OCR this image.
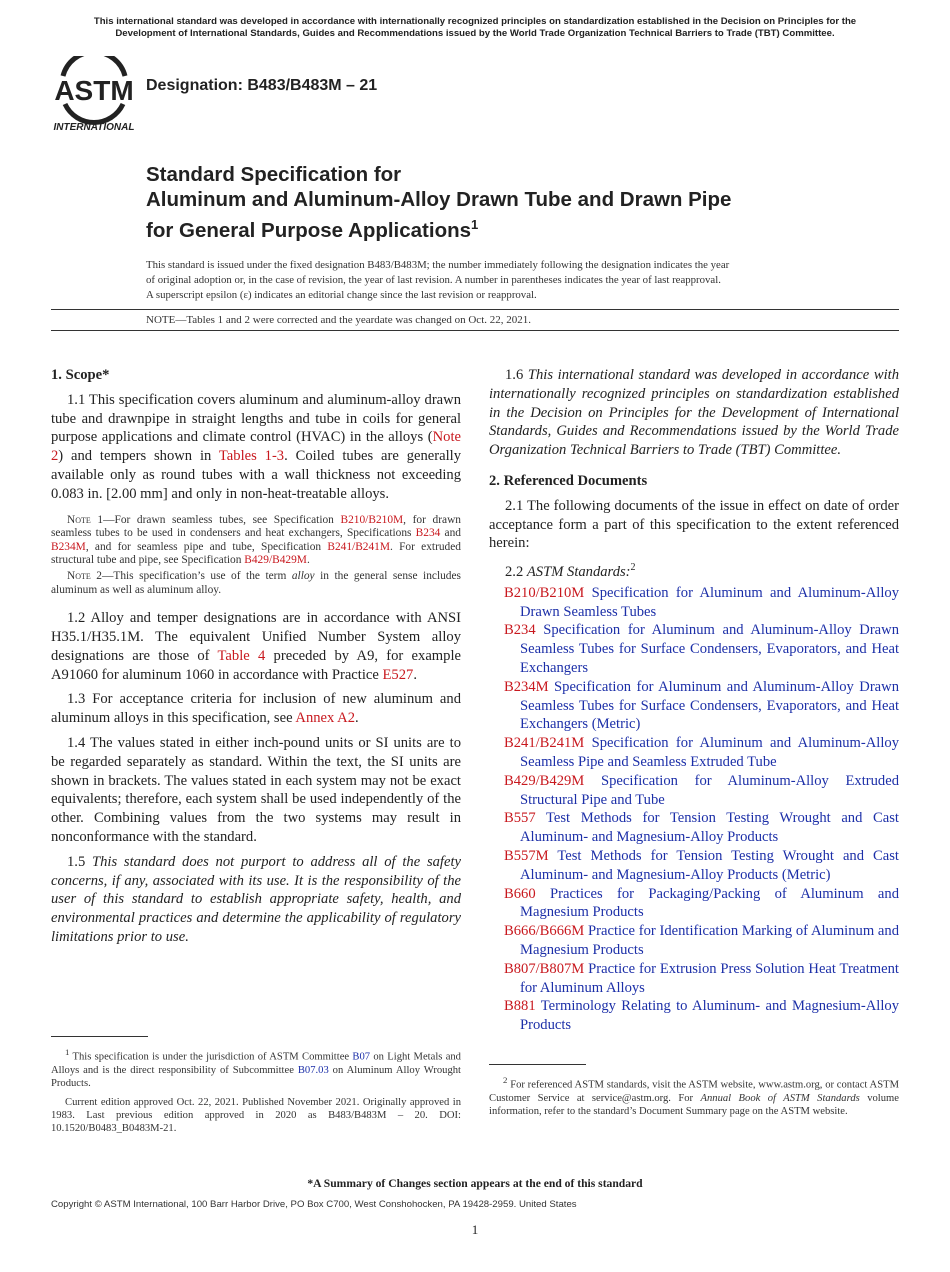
This international standard was developed in accordance with internationally recognized principles on standardization established in the Decision on Principles for the
Development of International Standards, Guides and Recommendations issued by the World Trade Organization Technical Barriers to Trade (TBT) Committee.
ASTM
INTERNATIONAL
Designation: B483/B483M – 21
Standard Specification for
Aluminum and Aluminum-Alloy Drawn Tube and Drawn Pipe
for General Purpose Applications$^1$
This standard is issued under the fixed designation B483/B483M; the number immediately following the designation indicates the year
of original adoption or, in the case of revision, the year of last revision. A number in parentheses indicates the year of last reapproval.
A superscript epsilon (ε) indicates an editorial change since the last revision or reapproval.
NOTE—Tables 1 and 2 were corrected and the yeardate was changed on Oct. 22, 2021.
1. Scope*
1.1 This specification covers aluminum and aluminum-alloy drawn tube and drawnpipe in straight lengths and tube in coils for general purpose applications and climate control (HVAC) in the alloys (Note 2) and tempers shown in Tables 1-3. Coiled tubes are generally available only as round tubes with a wall thickness not exceeding 0.083 in. [2.00 mm] and only in non-heat-treatable alloys.
Note 1—For drawn seamless tubes, see Specification B210/B210M, for drawn seamless tubes to be used in condensers and heat exchangers, Specifications B234 and B234M, and for seamless pipe and tube, Specification B241/B241M. For extruded structural tube and pipe, see Specification B429/B429M.
Note 2—This specification’s use of the term alloy in the general sense includes aluminum as well as aluminum alloy.
1.2 Alloy and temper designations are in accordance with ANSI H35.1/H35.1M. The equivalent Unified Number System alloy designations are those of Table 4 preceded by A9, for example A91060 for aluminum 1060 in accordance with Practice E527.
1.3 For acceptance criteria for inclusion of new aluminum and aluminum alloys in this specification, see Annex A2.
1.4 The values stated in either inch-pound units or SI units are to be regarded separately as standard. Within the text, the SI units are shown in brackets. The values stated in each system may not be exact equivalents; therefore, each system shall be used independently of the other. Combining values from the two systems may result in nonconformance with the standard.
1.5 This standard does not purport to address all of the safety concerns, if any, associated with its use. It is the responsibility of the user of this standard to establish appropriate safety, health, and environmental practices and determine the applicability of regulatory limitations prior to use.
$^1$ This specification is under the jurisdiction of ASTM Committee B07 on Light Metals and Alloys and is the direct responsibility of Subcommittee B07.03 on Aluminum Alloy Wrought Products.
Current edition approved Oct. 22, 2021. Published November 2021. Originally approved in 1983. Last previous edition approved in 2020 as B483/B483M – 20. DOI: 10.1520/B0483_B0483M-21.
1.6 This international standard was developed in accordance with internationally recognized principles on standardization established in the Decision on Principles for the Development of International Standards, Guides and Recommendations issued by the World Trade Organization Technical Barriers to Trade (TBT) Committee.
2. Referenced Documents
2.1 The following documents of the issue in effect on date of order acceptance form a part of this specification to the extent referenced herein:
2.2 ASTM Standards:$^2$
B210/B210M Specification for Aluminum and Aluminum-Alloy Drawn Seamless Tubes
B234 Specification for Aluminum and Aluminum-Alloy Drawn Seamless Tubes for Surface Condensers, Evaporators, and Heat Exchangers
B234M Specification for Aluminum and Aluminum-Alloy Drawn Seamless Tubes for Surface Condensers, Evaporators, and Heat Exchangers (Metric)
B241/B241M Specification for Aluminum and Aluminum-Alloy Seamless Pipe and Seamless Extruded Tube
B429/B429M Specification for Aluminum-Alloy Extruded Structural Pipe and Tube
B557 Test Methods for Tension Testing Wrought and Cast Aluminum- and Magnesium-Alloy Products
B557M Test Methods for Tension Testing Wrought and Cast Aluminum- and Magnesium-Alloy Products (Metric)
B660 Practices for Packaging/Packing of Aluminum and Magnesium Products
B666/B666M Practice for Identification Marking of Aluminum and Magnesium Products
B807/B807M Practice for Extrusion Press Solution Heat Treatment for Aluminum Alloys
B881 Terminology Relating to Aluminum- and Magnesium-Alloy Products
$^2$ For referenced ASTM standards, visit the ASTM website, www.astm.org, or contact ASTM Customer Service at service@astm.org. For Annual Book of ASTM Standards volume information, refer to the standard’s Document Summary page on the ASTM website.
*A Summary of Changes section appears at the end of this standard
Copyright © ASTM International, 100 Barr Harbor Drive, PO Box C700, West Conshohocken, PA 19428-2959. United States
1
